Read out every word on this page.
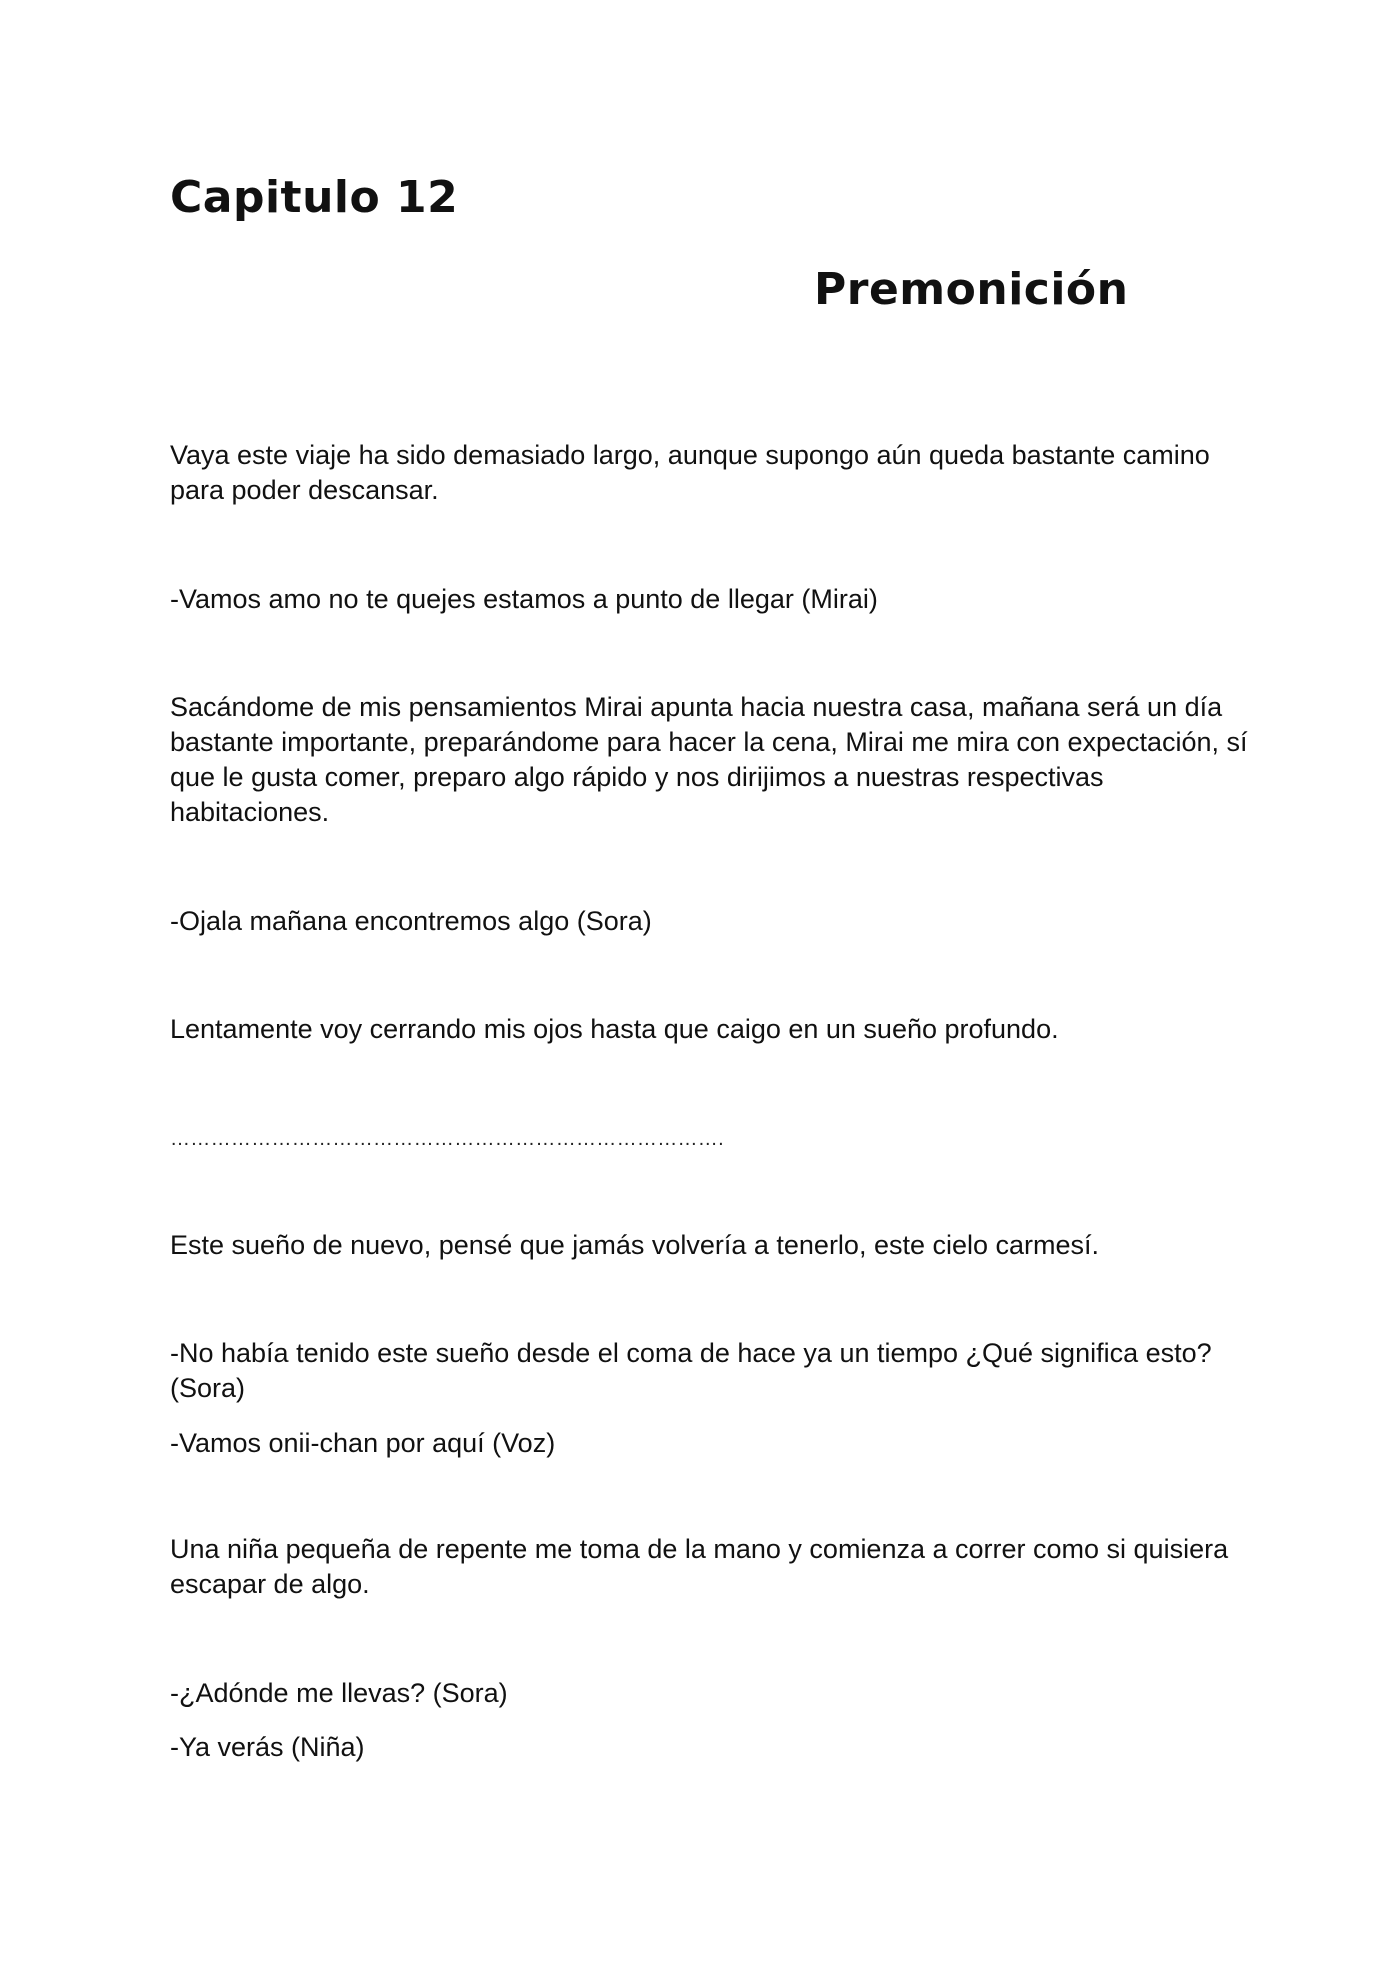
Capitulo 12
Premonición

Vaya este viaje ha sido demasiado largo, aunque supongo aún queda bastante camino para poder descansar.

-Vamos amo no te quejes estamos a punto de llegar (Mirai)

Sacándome de mis pensamientos Mirai apunta hacia nuestra casa, mañana será un día bastante importante, preparándome para hacer la cena, Mirai me mira con expectación, sí que le gusta comer, preparo algo rápido y nos dirijimos a nuestras respectivas habitaciones.

-Ojala mañana encontremos algo (Sora)

Lentamente voy cerrando mis ojos hasta que caigo en un sueño profundo.

……………………………………………………………………….

Este sueño de nuevo, pensé que jamás volvería a tenerlo, este cielo carmesí.

-No había tenido este sueño desde el coma de hace ya un tiempo ¿Qué significa esto? (Sora)

-Vamos onii-chan por aquí (Voz)

Una niña pequeña de repente me toma de la mano y comienza a correr como si quisiera escapar de algo.

-¿Adónde me llevas? (Sora)

-Ya verás (Niña)
